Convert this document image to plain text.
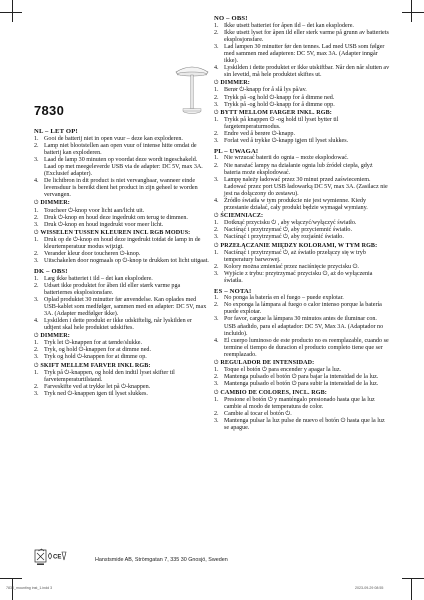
7830
NL – LET OP!
Gooi de batterij niet in open vuur – deze kan exploderen.
Lamp niet blootstellen aan open vuur of intense hitte omdat de batterij kan exploderen.
Laad de lamp 30 minuten op voordat deze wordt ingeschakeld. Laad op met meegeleverde USB via de adapter: DC 5V, max 3A. (Exclusief adapter).
De lichtbron in dit product is niet vervangbaar, wanneer einde levensduur is bereikt dient het product in zijn geheel te worden vervangen.
⏻ DIMMER:
Toucheer ⏻-knop voor licht aan/licht uit.
Druk ⏻-knop en houd deze ingedrukt om terug te dimmen.
Druk ⏻-knop en houd ingedrukt voor meer licht.
⏻ WISSELEN TUSSEN KLEUREN INCL RGB MODUS:
Druk op de ⏻-knop en houd deze ingedrukt totdat de lamp in de kleurtemperatuur modus wijzigt.
Verander kleur door toucheren ⏻-knop.
Uitschakelen door nogmaals op ⏻-knop te drukken tot licht uitgaat.
DK – OBS!
Læg ikke batteriet i ild – det kan eksplodere.
Udsæt ikke produktet for åben ild eller stærk varme pga batteriernes eksplosionsfare.
Oplad produktet 30 minutter før anvendelse. Kan oplades med USB-kablet som medfølger, sammen med en adapter: DC 5V, max 3A. (Adapter medfølger ikke).
Lyskilden i dette produkt er ikke udskiftelig, når lyskilden er udtjent skal hele produktet udskiftes.
⏻ DIMMER:
Tryk let ⏻-knappen for at tænde/slukke.
Tryk, og hold ⏻-knappen for at dimme ned.
Tryk og hold ⏻-knappen for at dimme op.
⏻ SKIFT MELLEM FARVER INKL RGB:
Tryk på ⏻-knappen, og hold den indtil lyset skifter til farvetemperaturtilstand.
Farveskifte ved at trykke let på ⏻-knappen.
Tryk ned ⏻-knappen igen til lyset slukkes.
NO – OBS!
Ikke utsett batteriet for åpen ild – det kan eksplodere.
Ikke utsett lyset for åpen ild eller sterk varme på grunn av batteriets eksplosjonsfare.
Lad lampen 30 minutter før den tennes. Lad med USB som følger med sammen med adapteren: DC 5V, max 3A. (Adapter inngår ikke).
Lyskilden i dette produktet er ikke utskiftbar. Når den når slutten av sin levetid, må hele produktet skiftes ut.
⏻ DIMMER:
Berør ⏻-knapp for å slå lys på/av.
Trykk på -og hold ⏻-knapp for å dimme ned.
Trykk på -og hold ⏻-knapp for å dimme opp.
⏻ BYTT MELLOM FARGER INKL. RGB:
Trykk på knappen ⏻ -og hold til lyset bytter til fargetemperaturmodus.
Endre ved å berøre ⏻-knapp.
Forlat ved å trykke ⏻-knapp igjen til lyset slukkes.
PL – UWAGA!
Nie wrzucać baterii do ognia – może eksplodować.
Nie narażać lampy na działanie ognia lub źródeł ciepła, gdyż bateria może eksplodować.
Lampę należy ładować przez 30 minut przed zaświeceniem. Ładować przez port USB ładowarką DC 5V, max 3A. (Zasilacz nie jest na dołączony do zestawu).
Źródło światła w tym produkcie nie jest wymienne. Kiedy przestanie działać, cały produkt będzie wymagał wymiany.
⏻ ŚCIEMNIACZ:
Dotknąć przycisku ⏻ , aby włączyć/wyłączyć światło.
Naciśnąć i przytrzymać ⏻, aby przyciemnić światło.
Naciśnąć i przytrzymać ⏻, aby rozjaśnić światło.
⏻ PRZEŁĄCZANIE MIĘDZY KOLORAMI, W TYM RGB:
Naciśnąć i przytrzymać ⏻, aż światło przełączy się w tryb temperatury barwowej.
Kolory można zmieniać przez naciśnięcie przycisku ⏻.
Wyjście z trybu: przytrzymać przycisku ⏻, aż do wyłączenia światła.
ES – NOTA!
No ponga la batería en el fuego – puede explotar.
No exponga la lámpara al fuego o calor intenso porque la batería puede explotar.
Por favor, cargue la lámpara 30 minutos antes de iluminar con. USB añadido, para el adaptador: DC 5V, Max 3A. (Adaptador no incluido).
El cuerpo luminoso de este producto no es reemplazable, cuando se termine el tiempo de duracion el producto completo tiene que ser reemplazado.
⏻ REGULADOR DE INTENSIDAD:
Toque el botón ⏻ para encender y apagar la luz.
Mantenga pulsado el botón ⏻ para bajar la intensidad de la luz.
Mantenga pulsado el botón ⏻ para subir la intensidad de la luz.
⏻ CAMBIO DE COLORES, INCL. RGB:
Presione el botón ⏻ y manténgalo presionado hasta que la luz cambie al modo de temperatura de color.
Cambie al tocar el botón ⏻.
Mantenga pulsar la luz pulse de nuevo el botón ⏻ hasta que la luz se apague.
CE	Hanstsmide AB, Strömgatan 7, 335 30 Gnosjö, Sweden
7830_mounting inst_1.indd 3	2023-09-29 08:55
